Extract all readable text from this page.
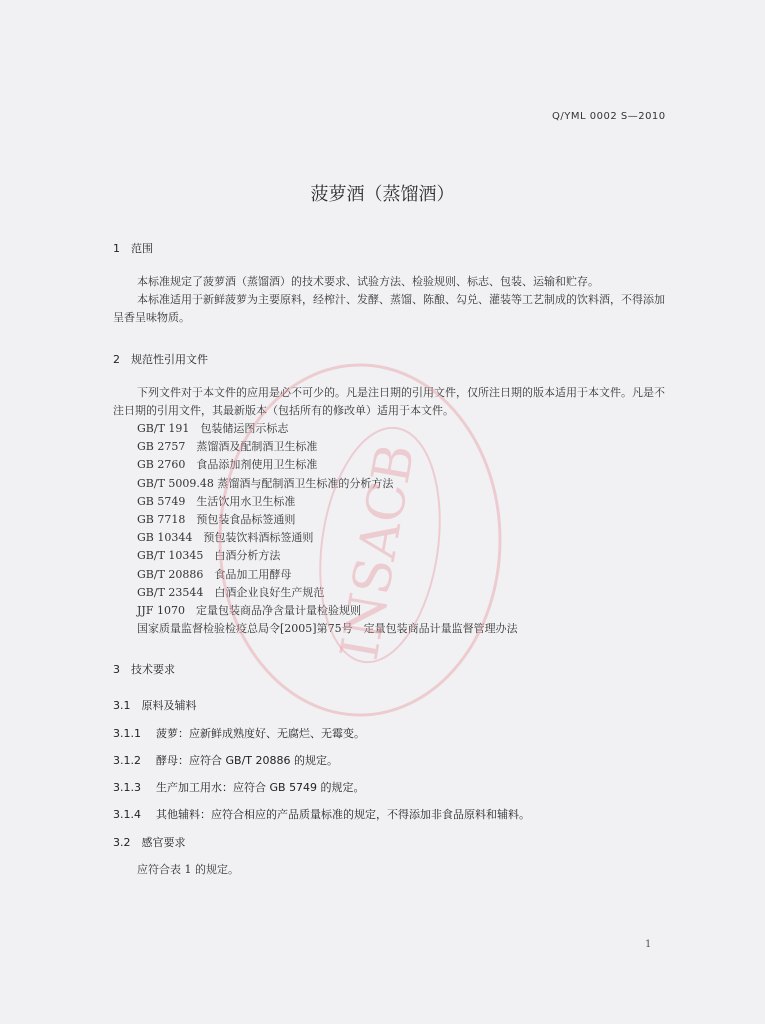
Q/YML 0002 S—2010
菠萝酒（蒸馏酒）
1　范围
本标准规定了菠萝酒（蒸馏酒）的技术要求、试验方法、检验规则、标志、包装、运输和贮存。
本标准适用于新鲜菠萝为主要原料，经榨汁、发酵、蒸馏、陈酿、勾兑、灌装等工艺制成的饮料酒，不得添加呈香呈味物质。
2　规范性引用文件
下列文件对于本文件的应用是必不可少的。凡是注日期的引用文件，仅所注日期的版本适用于本文件。凡是不注日期的引用文件，其最新版本（包括所有的修改单）适用于本文件。
GB/T 191　包装储运图示标志
GB 2757　蒸馏酒及配制酒卫生标准
GB 2760　食品添加剂使用卫生标准
GB/T 5009.48 蒸馏酒与配制酒卫生标准的分析方法
GB 5749　生活饮用水卫生标准
GB 7718　预包装食品标签通则
GB 10344　预包装饮料酒标签通则
GB/T 10345　白酒分析方法
GB/T 20886　食品加工用酵母
GB/T 23544　白酒企业良好生产规范
JJF 1070　定量包装商品净含量计量检验规则
国家质量监督检验检疫总局令[2005]第75号　定量包装商品计量监督管理办法
3　技术要求
3.1　原料及辅料
3.1.1 菠萝：应新鲜成熟度好、无腐烂、无霉变。
3.1.2 酵母：应符合 GB/T 20886 的规定。
3.1.3 生产加工用水：应符合 GB 5749 的规定。
3.1.4 其他辅料：应符合相应的产品质量标准的规定，不得添加非食品原料和辅料。
3.2　感官要求
应符合表 1 的规定。
1
INSACB
